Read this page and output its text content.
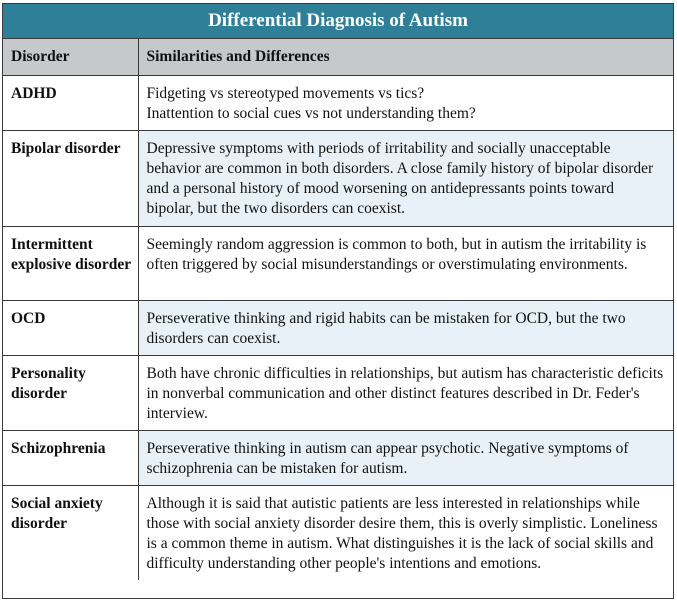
Differential Diagnosis of Autism
Disorder	Similarities and Differences
ADHD	Fidgeting vs stereotyped movements vs tics?
Inattention to social cues vs not understanding them?
Bipolar disorder	Depressive symptoms with periods of irritability and socially unacceptable behavior are common in both disorders. A close family history of bipolar disorder and a personal history of mood worsening on antidepressants points toward bipolar, but the two disorders can coexist.
Intermittent explosive disorder	Seemingly random aggression is common to both, but in autism the irritability is often triggered by social misunderstandings or overstimulating environments.
OCD	Perseverative thinking and rigid habits can be mistaken for OCD, but the two disorders can coexist.
Personality disorder	Both have chronic difficulties in relationships, but autism has characteristic deficits in nonverbal communication and other distinct features described in Dr. Feder's interview.
Schizophrenia	Perseverative thinking in autism can appear psychotic. Negative symptoms of schizophrenia can be mistaken for autism.
Social anxiety disorder	Although it is said that autistic patients are less interested in relationships while those with social anxiety disorder desire them, this is overly simplistic. Loneliness is a common theme in autism. What distinguishes it is the lack of social skills and difficulty understanding other people's intentions and emotions.
